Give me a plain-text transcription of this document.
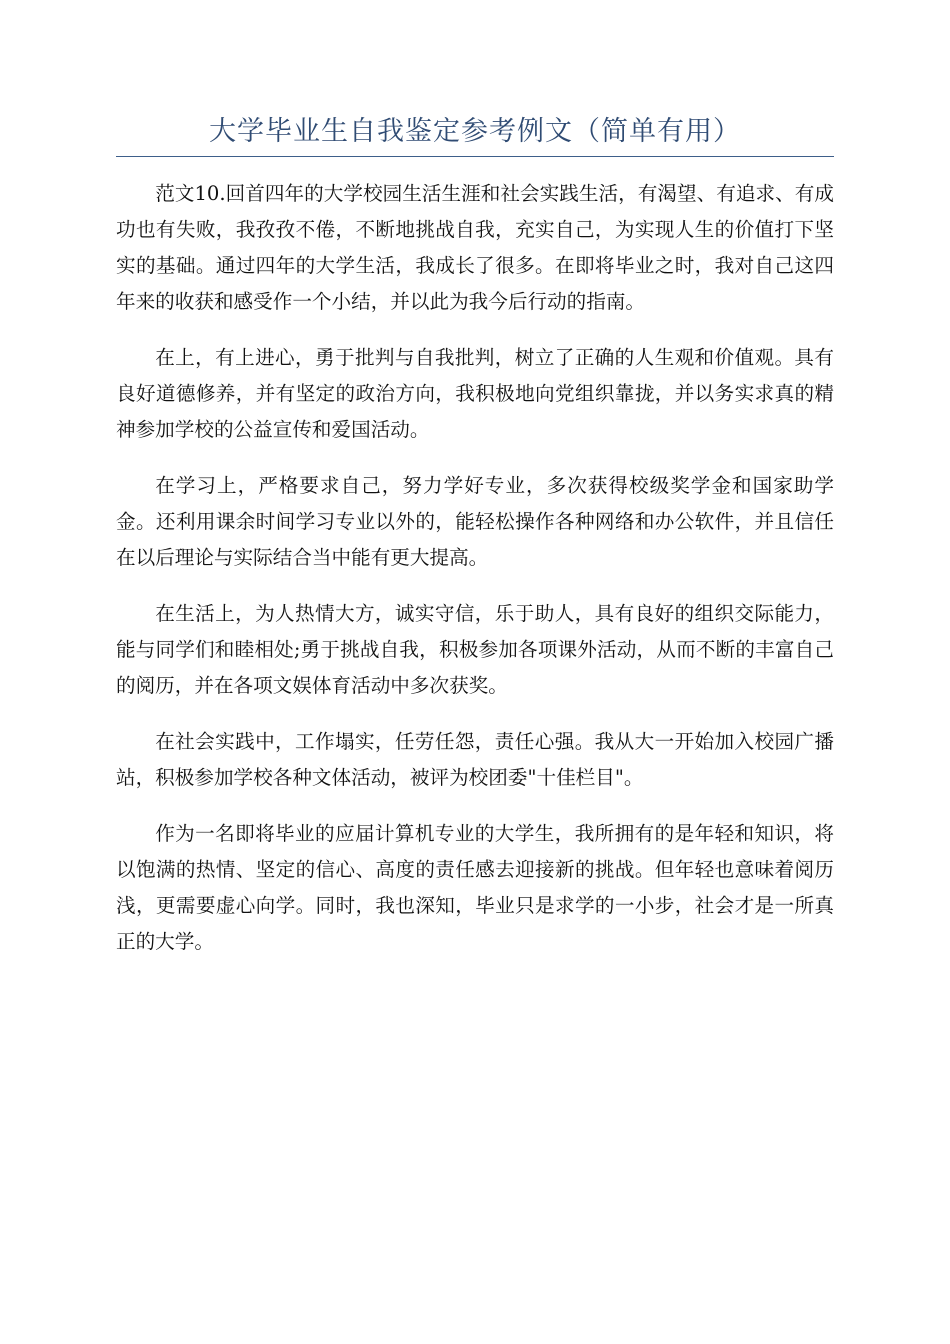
大学毕业生自我鉴定参考例文（简单有用）

范文10.回首四年的大学校园生活生涯和社会实践生活，有渴望、有追求、有成功也有失败，我孜孜不倦，不断地挑战自我，充实自己，为实现人生的价值打下坚实的基础。通过四年的大学生活，我成长了很多。在即将毕业之时，我对自己这四年来的收获和感受作一个小结，并以此为我今后行动的指南。

在上，有上进心，勇于批判与自我批判，树立了正确的人生观和价值观。具有良好道德修养，并有坚定的政治方向，我积极地向党组织靠拢，并以务实求真的精神参加学校的公益宣传和爱国活动。

在学习上，严格要求自己，努力学好专业，多次获得校级奖学金和国家助学金。还利用课余时间学习专业以外的，能轻松操作各种网络和办公软件，并且信任在以后理论与实际结合当中能有更大提高。

在生活上，为人热情大方，诚实守信，乐于助人，具有良好的组织交际能力，能与同学们和睦相处;勇于挑战自我，积极参加各项课外活动，从而不断的丰富自己的阅历，并在各项文娱体育活动中多次获奖。

在社会实践中，工作塌实，任劳任怨，责任心强。我从大一开始加入校园广播站，积极参加学校各种文体活动，被评为校团委"十佳栏目"。

作为一名即将毕业的应届计算机专业的大学生，我所拥有的是年轻和知识，将以饱满的热情、坚定的信心、高度的责任感去迎接新的挑战。但年轻也意味着阅历浅，更需要虚心向学。同时，我也深知，毕业只是求学的一小步，社会才是一所真正的大学。
